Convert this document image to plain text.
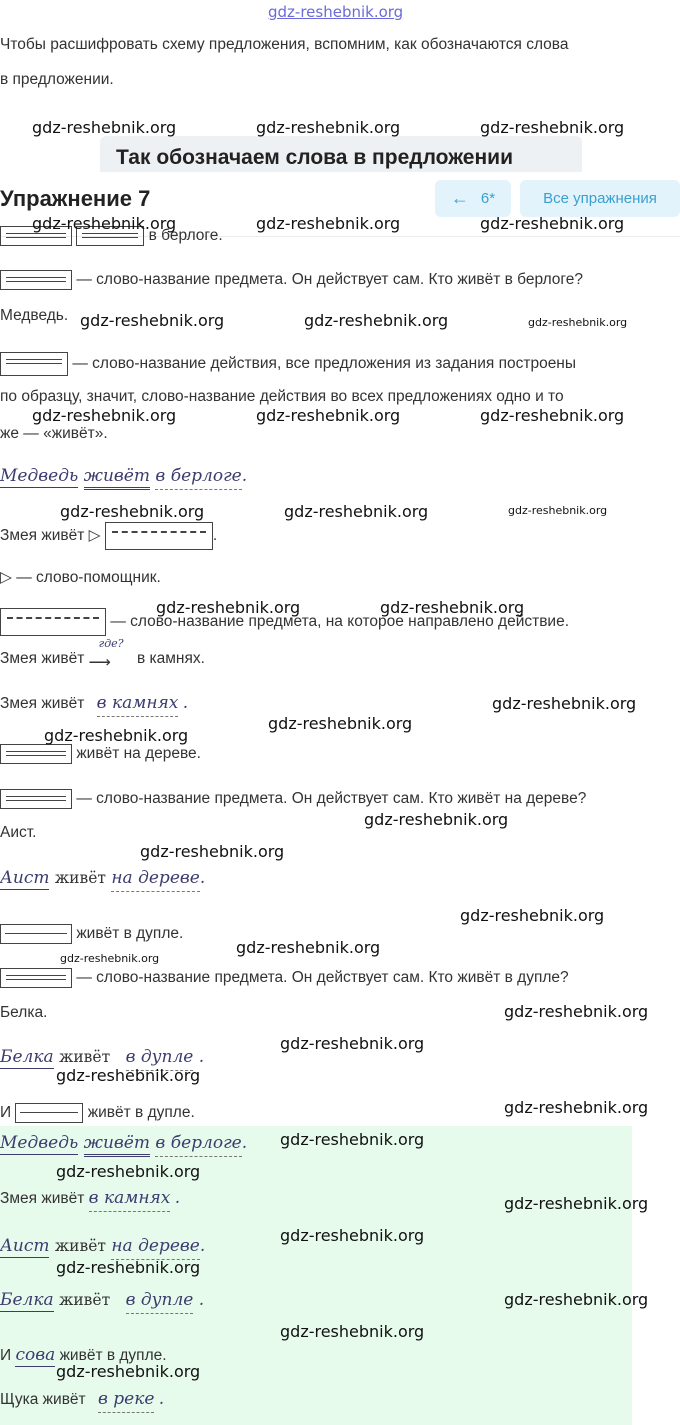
gdz-reshebnik.org
Чтобы расшифровать схему предложения, вспомним, как обозначаются слова
в предложении.
Так обозначаем слова в предложении
Упражнение 7	← 6*	Все упражнения
в берлоге.
— слово-название предмета. Он действует сам. Кто живёт в берлоге?
Медведь.
— слово-название действия, все предложения из задания построены
по образцу, значит, слово-название действия во всех предложениях одно и то
же — «живёт».
Медведь живёт в берлоге.
Змея живёт ▷	.
▷ — слово-помощник.
— слово-название предмета, на которое направлено действие.
Змея живёт
где?
⟶ в камнях.
Змея живёт в камнях .
живёт на дереве.
— слово-название предмета. Он действует сам. Кто живёт на дереве?
Аист.
Аист живёт на дереве.
живёт в дупле.
— слово-название предмета. Он действует сам. Кто живёт в дупле?
Белка.
Белка живёт в дупле .
И	живёт в дупле.
Медведь живёт в берлоге.
Змея живёт в камнях .
Аист живёт на дереве.
Белка живёт в дупле .
И сова живёт в дупле.
Щука живёт в реке .
gdz-reshebnik.org	gdz-reshebnik.org	gdz-reshebnik.org
gdz-reshebnik.org	gdz-reshebnik.org	gdz-reshebnik.org
gdz-reshebnik.org	gdz-reshebnik.org	gdz-reshebnik.org
gdz-reshebnik.org	gdz-reshebnik.org	gdz-reshebnik.org
gdz-reshebnik.org	gdz-reshebnik.org	gdz-reshebnik.org
gdz-reshebnik.org	gdz-reshebnik.org
gdz-reshebnik.org
gdz-reshebnik.org
gdz-reshebnik.org
gdz-reshebnik.org
gdz-reshebnik.org
gdz-reshebnik.org
gdz-reshebnik.org
gdz-reshebnik.org
gdz-reshebnik.org
gdz-reshebnik.org
gdz-reshebnik.org
gdz-reshebnik.org
gdz-reshebnik.org
gdz-reshebnik.org
gdz-reshebnik.org
gdz-reshebnik.org
gdz-reshebnik.org
gdz-reshebnik.org
gdz-reshebnik.org
gdz-reshebnik.org
